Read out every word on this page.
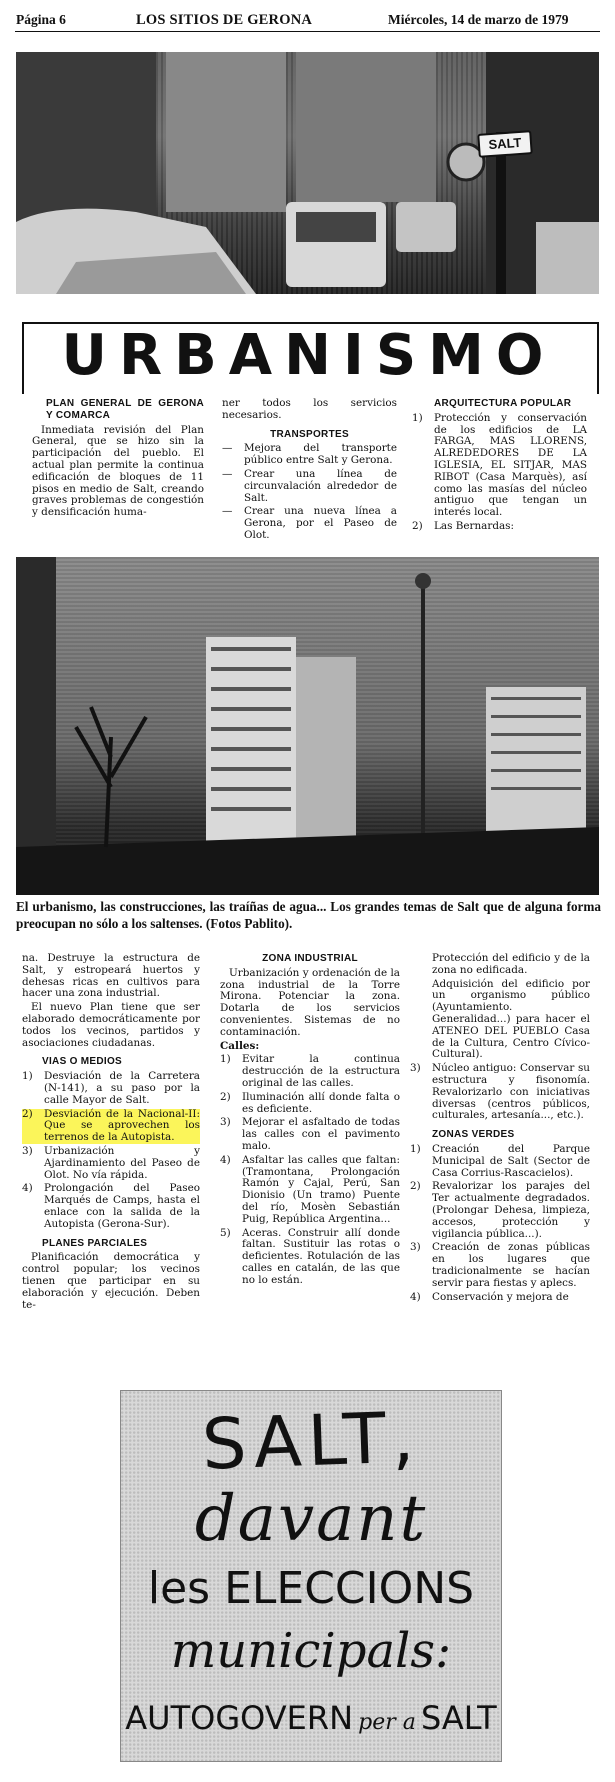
Página 6	LOS SITIOS DE GERONA	Miércoles, 14 de marzo de 1979
SALT
URBANISMO
PLAN GENERAL DE GERONA Y COMARCA

Inmediata revisión del Plan General, que se hizo sin la participación del pueblo. El actual plan permite la continua edificación de bloques de 11 pisos en medio de Salt, creando graves problemas de congestión y densificación huma-

ner todos los servicios necesarios.

TRANSPORTES
—	Mejora del transporte público entre Salt y Gerona.
—	Crear una línea de circunvalación alrededor de Salt.
—	Crear una nueva línea a Gerona, por el Paseo de Olot.
ARQUITECTURA POPULAR
1)	Protección y conservación de los edificios de LA FARGA, MAS LLORENS, ALREDEDORES DE LA IGLESIA, EL SITJAR, MAS RIBOT (Casa Marquès), así como las masías del núcleo antiguo que tengan un interés local.
2)	Las Bernardas:
El urbanismo, las construcciones, las traíñas de agua... Los grandes temas de Salt que de alguna forma preocupan no sólo a los saltenses. (Fotos Pablito).

na. Destruye la estructura de Salt, y estropeará huertos y dehesas ricas en cultivos para hacer una zona industrial.

El nuevo Plan tiene que ser elaborado democráticamente por todos los vecinos, partidos y asociaciones ciudadanas.

VIAS O MEDIOS
1)	Desviación de la Carretera (N-141), a su paso por la calle Mayor de Salt.
2)	Desviación de la Nacional-II: Que se aprovechen los terrenos de la Autopista.
3)	Urbanización y Ajardinamiento del Paseo de Olot. No vía rápida.
4)	Prolongación del Paseo Marqués de Camps, hasta el enlace con la salida de la Autopista (Gerona-Sur).
PLANES PARCIALES

Planificación democrática y control popular; los vecinos tienen que participar en su elaboración y ejecución. Deben te-

ZONA INDUSTRIAL

Urbanización y ordenación de la zona industrial de la Torre Mirona. Potenciar la zona. Dotarla de los servicios convenientes. Sistemas de no contaminación.

Calles:
1)	Evitar la continua destrucción de la estructura original de las calles.
2)	Iluminación allí donde falta o es deficiente.
3)	Mejorar el asfaltado de todas las calles con el pavimento malo.
4)	Asfaltar las calles que faltan: (Tramontana, Prolongación Ramón y Cajal, Perú, San Dionisio (Un tramo) Puente del río, Mosèn Sebastián Puig, República Argentina...
5)	Aceras. Construir allí donde faltan. Sustituir las rotas o deficientes. Rotulación de las calles en catalán, de las que no lo están.

Protección del edificio y de la zona no edificada.

Adquisición del edificio por un organismo público (Ayuntamiento. Generalidad...) para hacer el ATENEO DEL PUEBLO Casa de la Cultura, Centro Cívico-Cultural).
3)	Núcleo antiguo: Conservar su estructura y fisonomía. Revalorizarlo con iniciativas diversas (centros públicos, culturales, artesanía..., etc.).
ZONAS VERDES
1)	Creación del Parque Municipal de Salt (Sector de Casa Corrius-Rascacielos).
2)	Revalorizar los parajes del Ter actualmente degradados. (Prolongar Dehesa, limpieza, accesos, protección y vigilancia pública...).
3)	Creación de zonas públicas en los lugares que tradicionalmente se hacían servir para fiestas y aplecs.
4)	Conservación y mejora de
SALT,
davant
les ELECCIONS
municipals:
AUTOGOVERN per a SALT
